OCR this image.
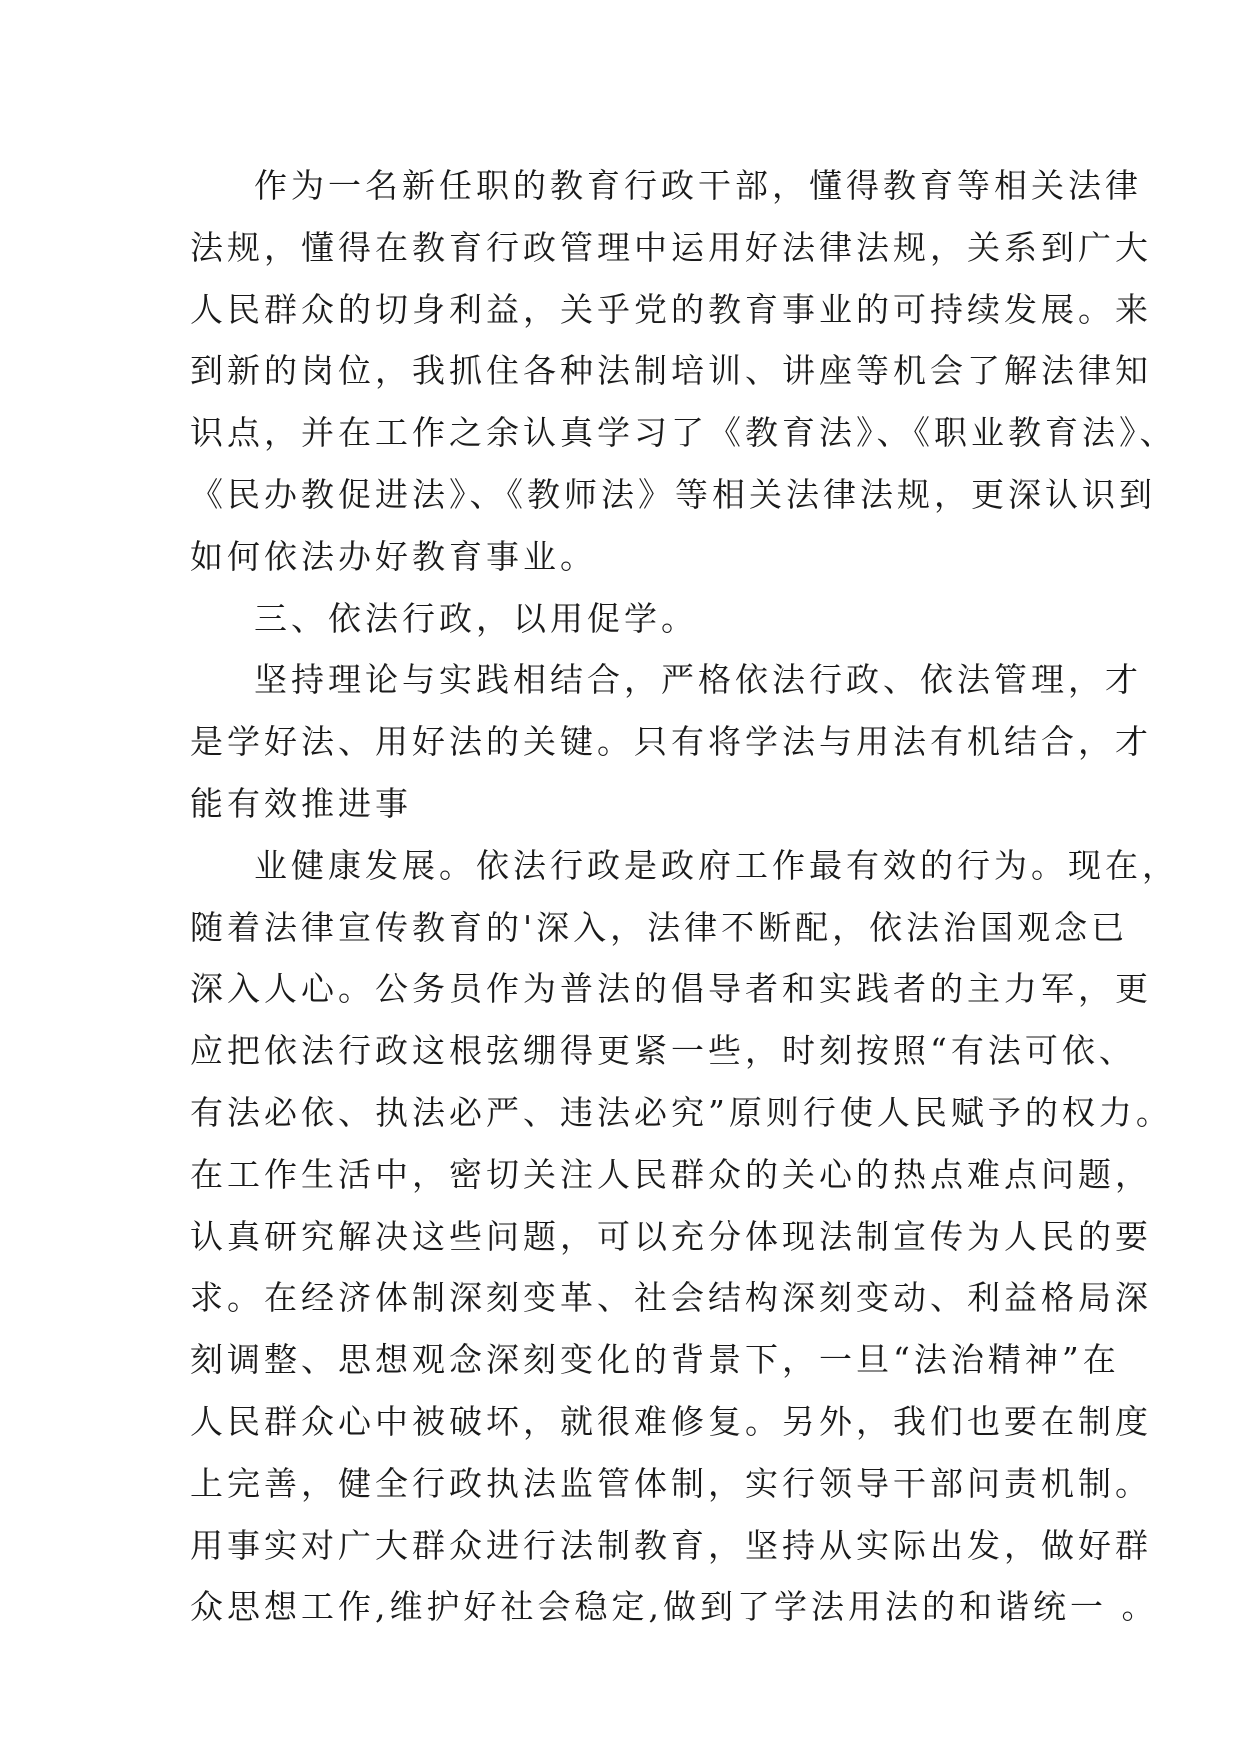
作为一名新任职的教育行政干部，懂得教育等相关法律
法规，懂得在教育行政管理中运用好法律法规，关系到广大
人民群众的切身利益，关乎党的教育事业的可持续发展。来
到新的岗位，我抓住各种法制培训、讲座等机会了解法律知
识点，并在工作之余认真学习了《教育法》、《职业教育法》、
《民办教促进法》、《教师法》等相关法律法规，更深认识到
如何依法办好教育事业。
三、依法行政，以用促学。
坚持理论与实践相结合，严格依法行政、依法管理，才
是学好法、用好法的关键。只有将学法与用法有机结合，才
能有效推进事
业健康发展。依法行政是政府工作最有效的行为。现在，
随着法律宣传教育的'深入，法律不断配，依法治国观念已
深入人心。公务员作为普法的倡导者和实践者的主力军，更
应把依法行政这根弦绷得更紧一些，时刻按照“有法可依、
有法必依、执法必严、违法必究”原则行使人民赋予的权力。
在工作生活中，密切关注人民群众的关心的热点难点问题，
认真研究解决这些问题，可以充分体现法制宣传为人民的要
求。在经济体制深刻变革、社会结构深刻变动、利益格局深
刻调整、思想观念深刻变化的背景下，一旦“法治精神”在
人民群众心中被破坏，就很难修复。另外，我们也要在制度
上完善，健全行政执法监管体制，实行领导干部问责机制。
用事实对广大群众进行法制教育，坚持从实际出发，做好群
众思想工作,维护好社会稳定,做到了学法用法的和谐统一 。
